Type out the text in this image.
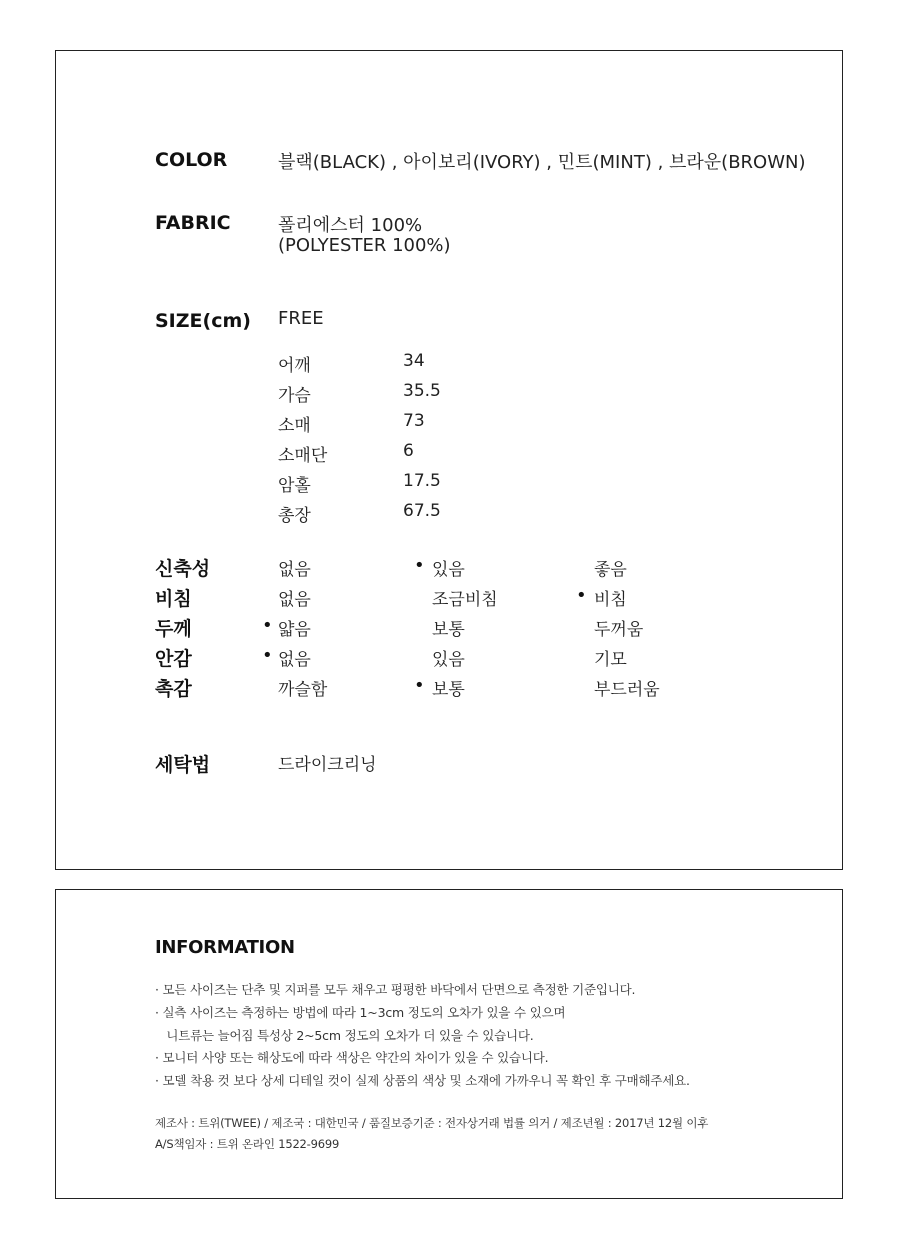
COLOR	블랙(BLACK) , 아이보리(IVORY) , 민트(MINT) , 브라운(BROWN)
FABRIC	폴리에스터 100%
(POLYESTER 100%)
SIZE(cm) FREE
어깨	34
가슴	35.5
소매	73
소매단	6
암홀	17.5
총장	67.5
신축성	없음	• 있음	좋음
비침	없음	조금비침	• 비침
두께	• 얇음	보통	두꺼움
안감	• 없음	있음	기모
촉감	까슬함	• 보통	부드러움
세탁법	드라이크리닝
INFORMATION
· 모든 사이즈는 단추 및 지퍼를 모두 채우고 평평한 바닥에서 단면으로 측정한 기준입니다.
· 실측 사이즈는 측정하는 방법에 따라 1~3cm 정도의 오차가 있을 수 있으며
니트류는 늘어짐 특성상 2~5cm 정도의 오차가 더 있을 수 있습니다.
· 모니터 사양 또는 해상도에 따라 색상은 약간의 차이가 있을 수 있습니다.
· 모델 착용 컷 보다 상세 디테일 컷이 실제 상품의 색상 및 소재에 가까우니 꼭 확인 후 구매해주세요.
제조사 : 트위(TWEE) / 제조국 : 대한민국 / 품질보증기준 : 전자상거래 법률 의거 / 제조년월 : 2017년 12월 이후
A/S책임자 : 트위 온라인 1522-9699
